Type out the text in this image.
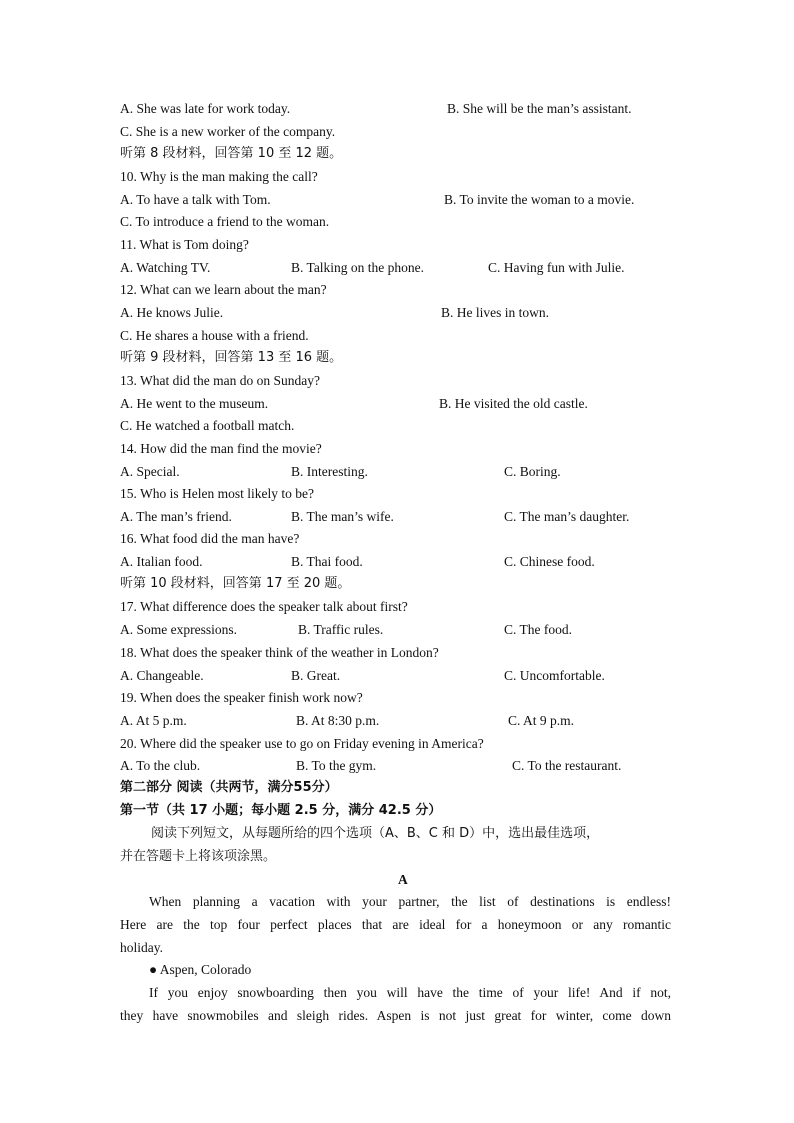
A. She was late for work today.	B. She will be the man’s assistant.
C. She is a new worker of the company.
听第 8 段材料，回答第 10 至 12 题。
10. Why is the man making the call?
A. To have a talk with Tom.	B. To invite the woman to a movie.
C. To introduce a friend to the woman.
11. What is Tom doing?
A. Watching TV.	B. Talking on the phone.	C. Having fun with Julie.
12. What can we learn about the man?
A. He knows Julie.	B. He lives in town.
C. He shares a house with a friend.
听第 9 段材料，回答第 13 至 16 题。
13. What did the man do on Sunday?
A. He went to the museum.	B. He visited the old castle.
C. He watched a football match.
14. How did the man find the movie?
A. Special.	B. Interesting.	C. Boring.
15. Who is Helen most likely to be?
A. The man’s friend.	B. The man’s wife.	C. The man’s daughter.
16. What food did the man have?
A. Italian food.	B. Thai food.	C. Chinese food.
听第 10 段材料，回答第 17 至 20 题。
17. What difference does the speaker talk about first?
A. Some expressions.	B. Traffic rules.	C. The food.
18. What does the speaker think of the weather in London?
A. Changeable.	B. Great.	C. Uncomfortable.
19. When does the speaker finish work now?
A. At 5 p.m.	B. At 8:30 p.m.	C. At 9 p.m.
20. Where did the speaker use to go on Friday evening in America?
A. To the club.	B. To the gym.	C. To the restaurant.
第二部分 阅读（共两节，满分55分）
第一节（共 17 小题；每小题 2.5 分，满分 42.5 分）
阅读下列短文，从每题所给的四个选项（A、B、C 和 D）中，选出最佳选项，
并在答题卡上将该项涂黑。
A
When planning a vacation with your partner, the list of destinations is endless!
Here are the top four perfect places that are ideal for a honeymoon or any romantic
holiday.
● Aspen, Colorado
If you enjoy snowboarding then you will have the time of your life! And if not,
they have snowmobiles and sleigh rides. Aspen is not just great for winter, come down
